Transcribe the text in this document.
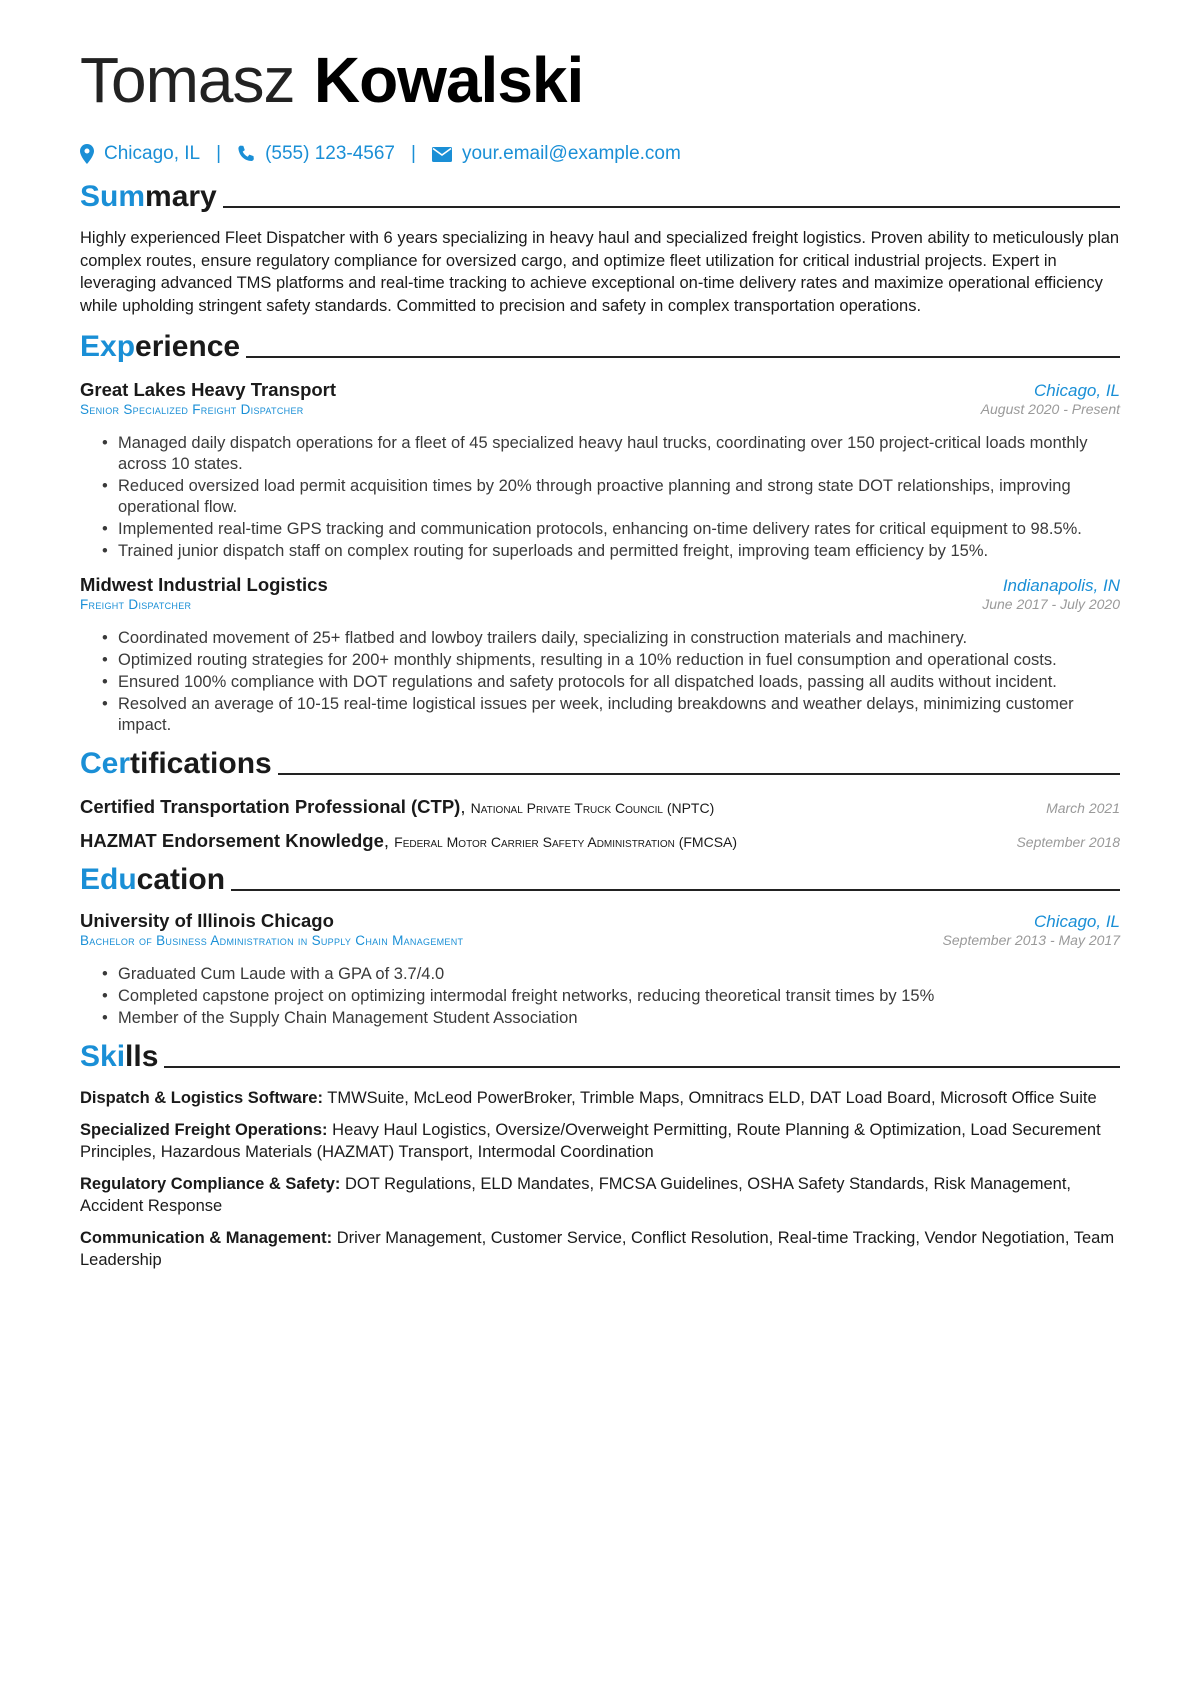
Tomasz Kowalski
Chicago, IL | (555) 123-4567 | your.email@example.com
Summary
Highly experienced Fleet Dispatcher with 6 years specializing in heavy haul and specialized freight logistics. Proven ability to meticulously plan complex routes, ensure regulatory compliance for oversized cargo, and optimize fleet utilization for critical industrial projects. Expert in leveraging advanced TMS platforms and real-time tracking to achieve exceptional on-time delivery rates and maximize operational efficiency while upholding stringent safety standards. Committed to precision and safety in complex transportation operations.
Experience
Great Lakes Heavy Transport	Chicago, IL
Senior Specialized Freight Dispatcher	August 2020 - Present
• Managed daily dispatch operations for a fleet of 45 specialized heavy haul trucks, coordinating over 150 project-critical loads monthly across 10 states.
• Reduced oversized load permit acquisition times by 20% through proactive planning and strong state DOT relationships, improving operational flow.
• Implemented real-time GPS tracking and communication protocols, enhancing on-time delivery rates for critical equipment to 98.5%.
• Trained junior dispatch staff on complex routing for superloads and permitted freight, improving team efficiency by 15%.
Midwest Industrial Logistics	Indianapolis, IN
Freight Dispatcher	June 2017 - July 2020
• Coordinated movement of 25+ flatbed and lowboy trailers daily, specializing in construction materials and machinery.
• Optimized routing strategies for 200+ monthly shipments, resulting in a 10% reduction in fuel consumption and operational costs.
• Ensured 100% compliance with DOT regulations and safety protocols for all dispatched loads, passing all audits without incident.
• Resolved an average of 10-15 real-time logistical issues per week, including breakdowns and weather delays, minimizing customer impact.
Certifications
Certified Transportation Professional (CTP), National Private Truck Council (NPTC)	March 2021
HAZMAT Endorsement Knowledge, Federal Motor Carrier Safety Administration (FMCSA)	September 2018
Education
University of Illinois Chicago	Chicago, IL
Bachelor of Business Administration in Supply Chain Management	September 2013 - May 2017
• Graduated Cum Laude with a GPA of 3.7/4.0
• Completed capstone project on optimizing intermodal freight networks, reducing theoretical transit times by 15%
• Member of the Supply Chain Management Student Association
Skills
Dispatch & Logistics Software: TMWSuite, McLeod PowerBroker, Trimble Maps, Omnitracs ELD, DAT Load Board, Microsoft Office Suite
Specialized Freight Operations: Heavy Haul Logistics, Oversize/Overweight Permitting, Route Planning & Optimization, Load Securement Principles, Hazardous Materials (HAZMAT) Transport, Intermodal Coordination
Regulatory Compliance & Safety: DOT Regulations, ELD Mandates, FMCSA Guidelines, OSHA Safety Standards, Risk Management, Accident Response
Communication & Management: Driver Management, Customer Service, Conflict Resolution, Real-time Tracking, Vendor Negotiation, Team Leadership
